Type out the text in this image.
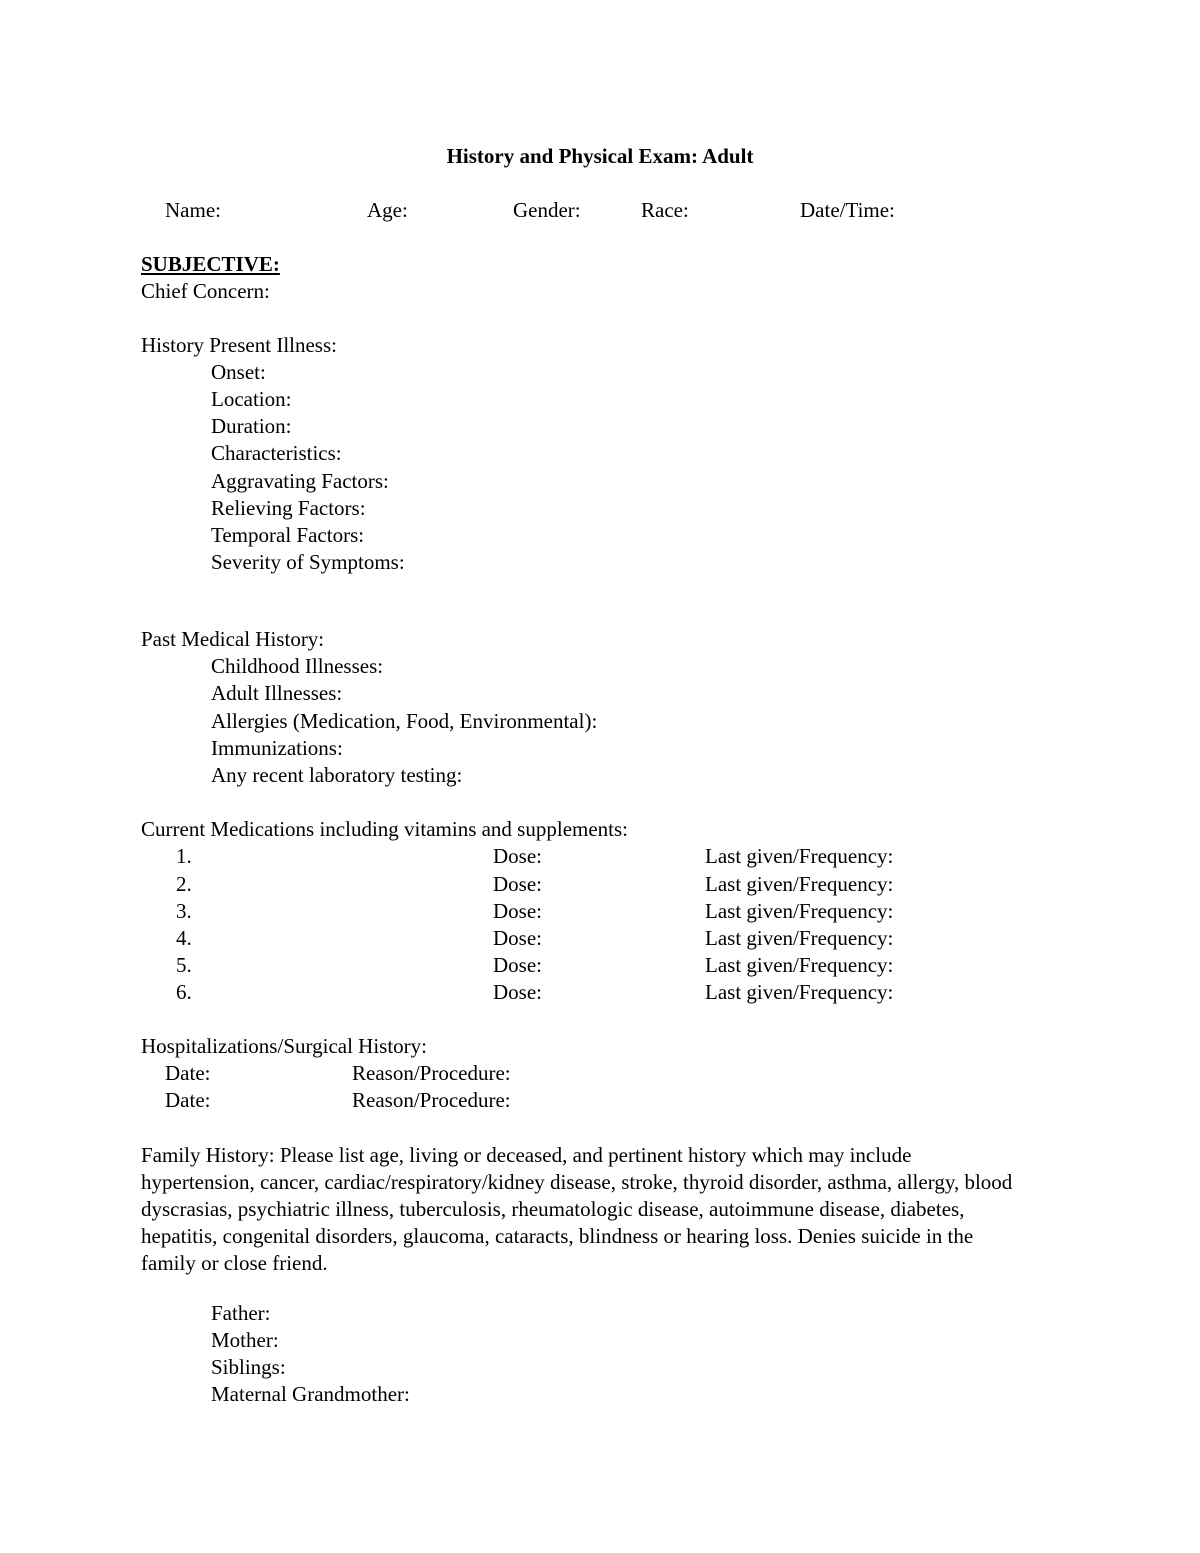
History and Physical Exam: Adult
Name:	Age:	Gender:	Race:	Date/Time:
SUBJECTIVE:
Chief Concern:
History Present Illness:
Onset:
Location:
Duration:
Characteristics:
Aggravating Factors:
Relieving Factors:
Temporal Factors:
Severity of Symptoms:
Past Medical History:
Childhood Illnesses:
Adult Illnesses:
Allergies (Medication, Food, Environmental):
Immunizations:
Any recent laboratory testing:
Current Medications including vitamins and supplements:
1.	Dose:	Last given/Frequency:
2.	Dose:	Last given/Frequency:
3.	Dose:	Last given/Frequency:
4.	Dose:	Last given/Frequency:
5.	Dose:	Last given/Frequency:
6.	Dose:	Last given/Frequency:
Hospitalizations/Surgical History:
Date:	Reason/Procedure:
Date:	Reason/Procedure:
Family History: Please list age, living or deceased, and pertinent history which may include hypertension, cancer, cardiac/respiratory/kidney disease, stroke, thyroid disorder, asthma, allergy, blood dyscrasias, psychiatric illness, tuberculosis, rheumatologic disease, autoimmune disease, diabetes, hepatitis, congenital disorders, glaucoma, cataracts, blindness or hearing loss. Denies suicide in the family or close friend.
Father:
Mother:
Siblings:
Maternal Grandmother:
